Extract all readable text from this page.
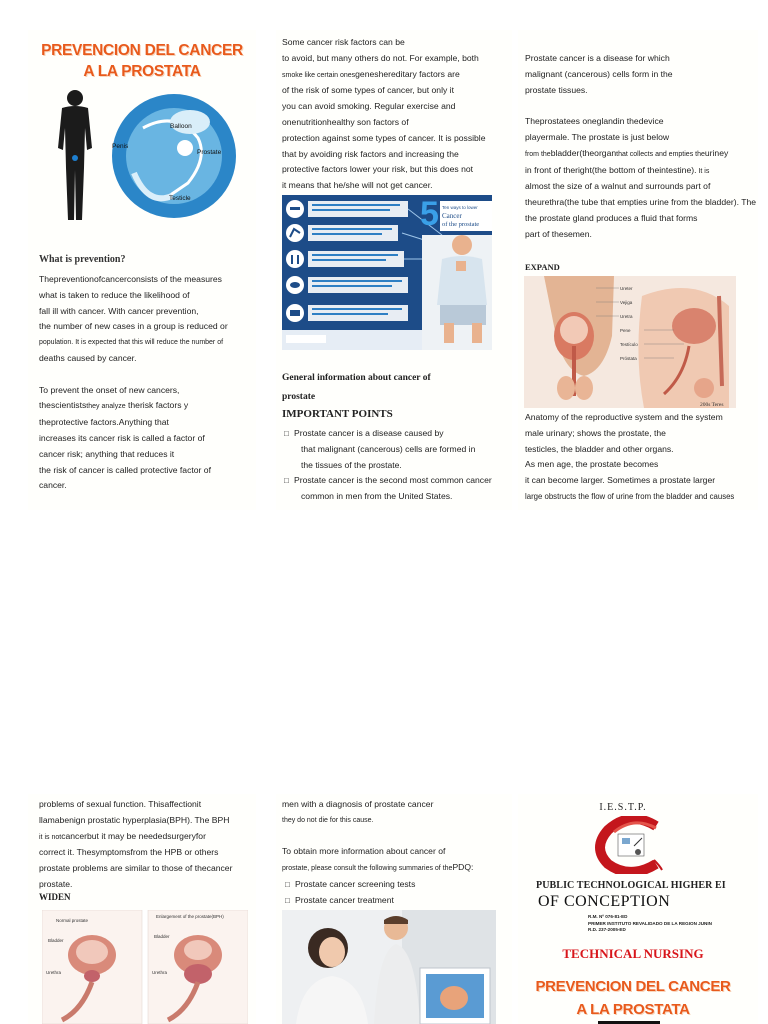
PREVENCION DEL CANCER
A LA PROSTATA
Balloon
Penis
Prostate
Testicle
What is prevention?
Thepreventionofcancerconsists of the measures
what is taken to reduce the likelihood of
fall ill with cancer. With cancer prevention,
the number of new cases in a group is reduced or
population. It is expected that this will reduce the number of
deaths caused by cancer.

To prevent the onset of new cancers,
thescientiststhey analyze therisk factors y
theprotective factors.Anything that
increases its cancer risk is called a factor of
cancer risk; anything that reduces it
the risk of cancer is called protective factor of
cancer.
Some cancer risk factors can be
to avoid, but many others do not. For example, both
smoke like certain onesgeneshereditary factors are
of the risk of some types of cancer, but only it
you can avoid smoking. Regular exercise and
onenutritionhealthy son factors of
protection against some types of cancer. It is possible
that by avoiding risk factors and increasing the
protective factors lower your risk, but this does not
it means that he/she will not get cancer.
5 Ten ways to lower
Cancer
of the prostate
General information about cancer of
prostate
IMPORTANT POINTS
□ Prostate cancer is a disease caused by
that malignant (cancerous) cells are formed in
the tissues of the prostate.
□ Prostate cancer is the second most common cancer
common in men from the United States.
Prostate cancer is a disease for which
malignant (cancerous) cells form in the
prostate tissues.

Theprostatees oneglandin thedevice
playermale. The prostate is just below
from thebladder(theorganthat collects and empties theuriney
in front of theright(the bottom of theintestine). It is
almost the size of a walnut and surrounds part of
theurethra(the tube that empties urine from the bladder). The
the prostate gland produces a fluid that forms
part of thesemen.
EXPAND
Ureter
Vejiga
Uretra
Pene
Testículo
Próstata
200s Teres
Anatomy of the reproductive system and the system
male urinary; shows the prostate, the
testicles, the bladder and other organs.
As men age, the prostate becomes
it can become larger. Sometimes a prostate larger
large obstructs the flow of urine from the bladder and causes
problems of sexual function. Thisaffectionit
llamabenign prostatic hyperplasia(BPH). The BPH
it is notcancerbut it may be neededsurgeryfor
correct it. Thesymptomsfrom the HPB or others
prostate problems are similar to those of thecancer
prostate.
WIDEN
Normal prostate
Enlargement of the prostate(BPH)
Bladder
Bladder
Urethra	Urethra
men with a diagnosis of prostate cancer
they do not die for this cause.

To obtain more information about cancer of
prostate, please consult the following summaries of thePDQ:
□ Prostate cancer screening tests
□ Prostate cancer treatment
I.E.S.T.P.
PUBLIC TECHNOLOGICAL HIGHER EI
OF CONCEPTION
R.M. Nº 076-81-ED
PRIMER INSTITUTO REVALIDADO DE LA REGION JUNIN
R.D. 237-2005-ED
TECHNICAL NURSING
PREVENCION DEL CANCER
A LA PROSTATA
